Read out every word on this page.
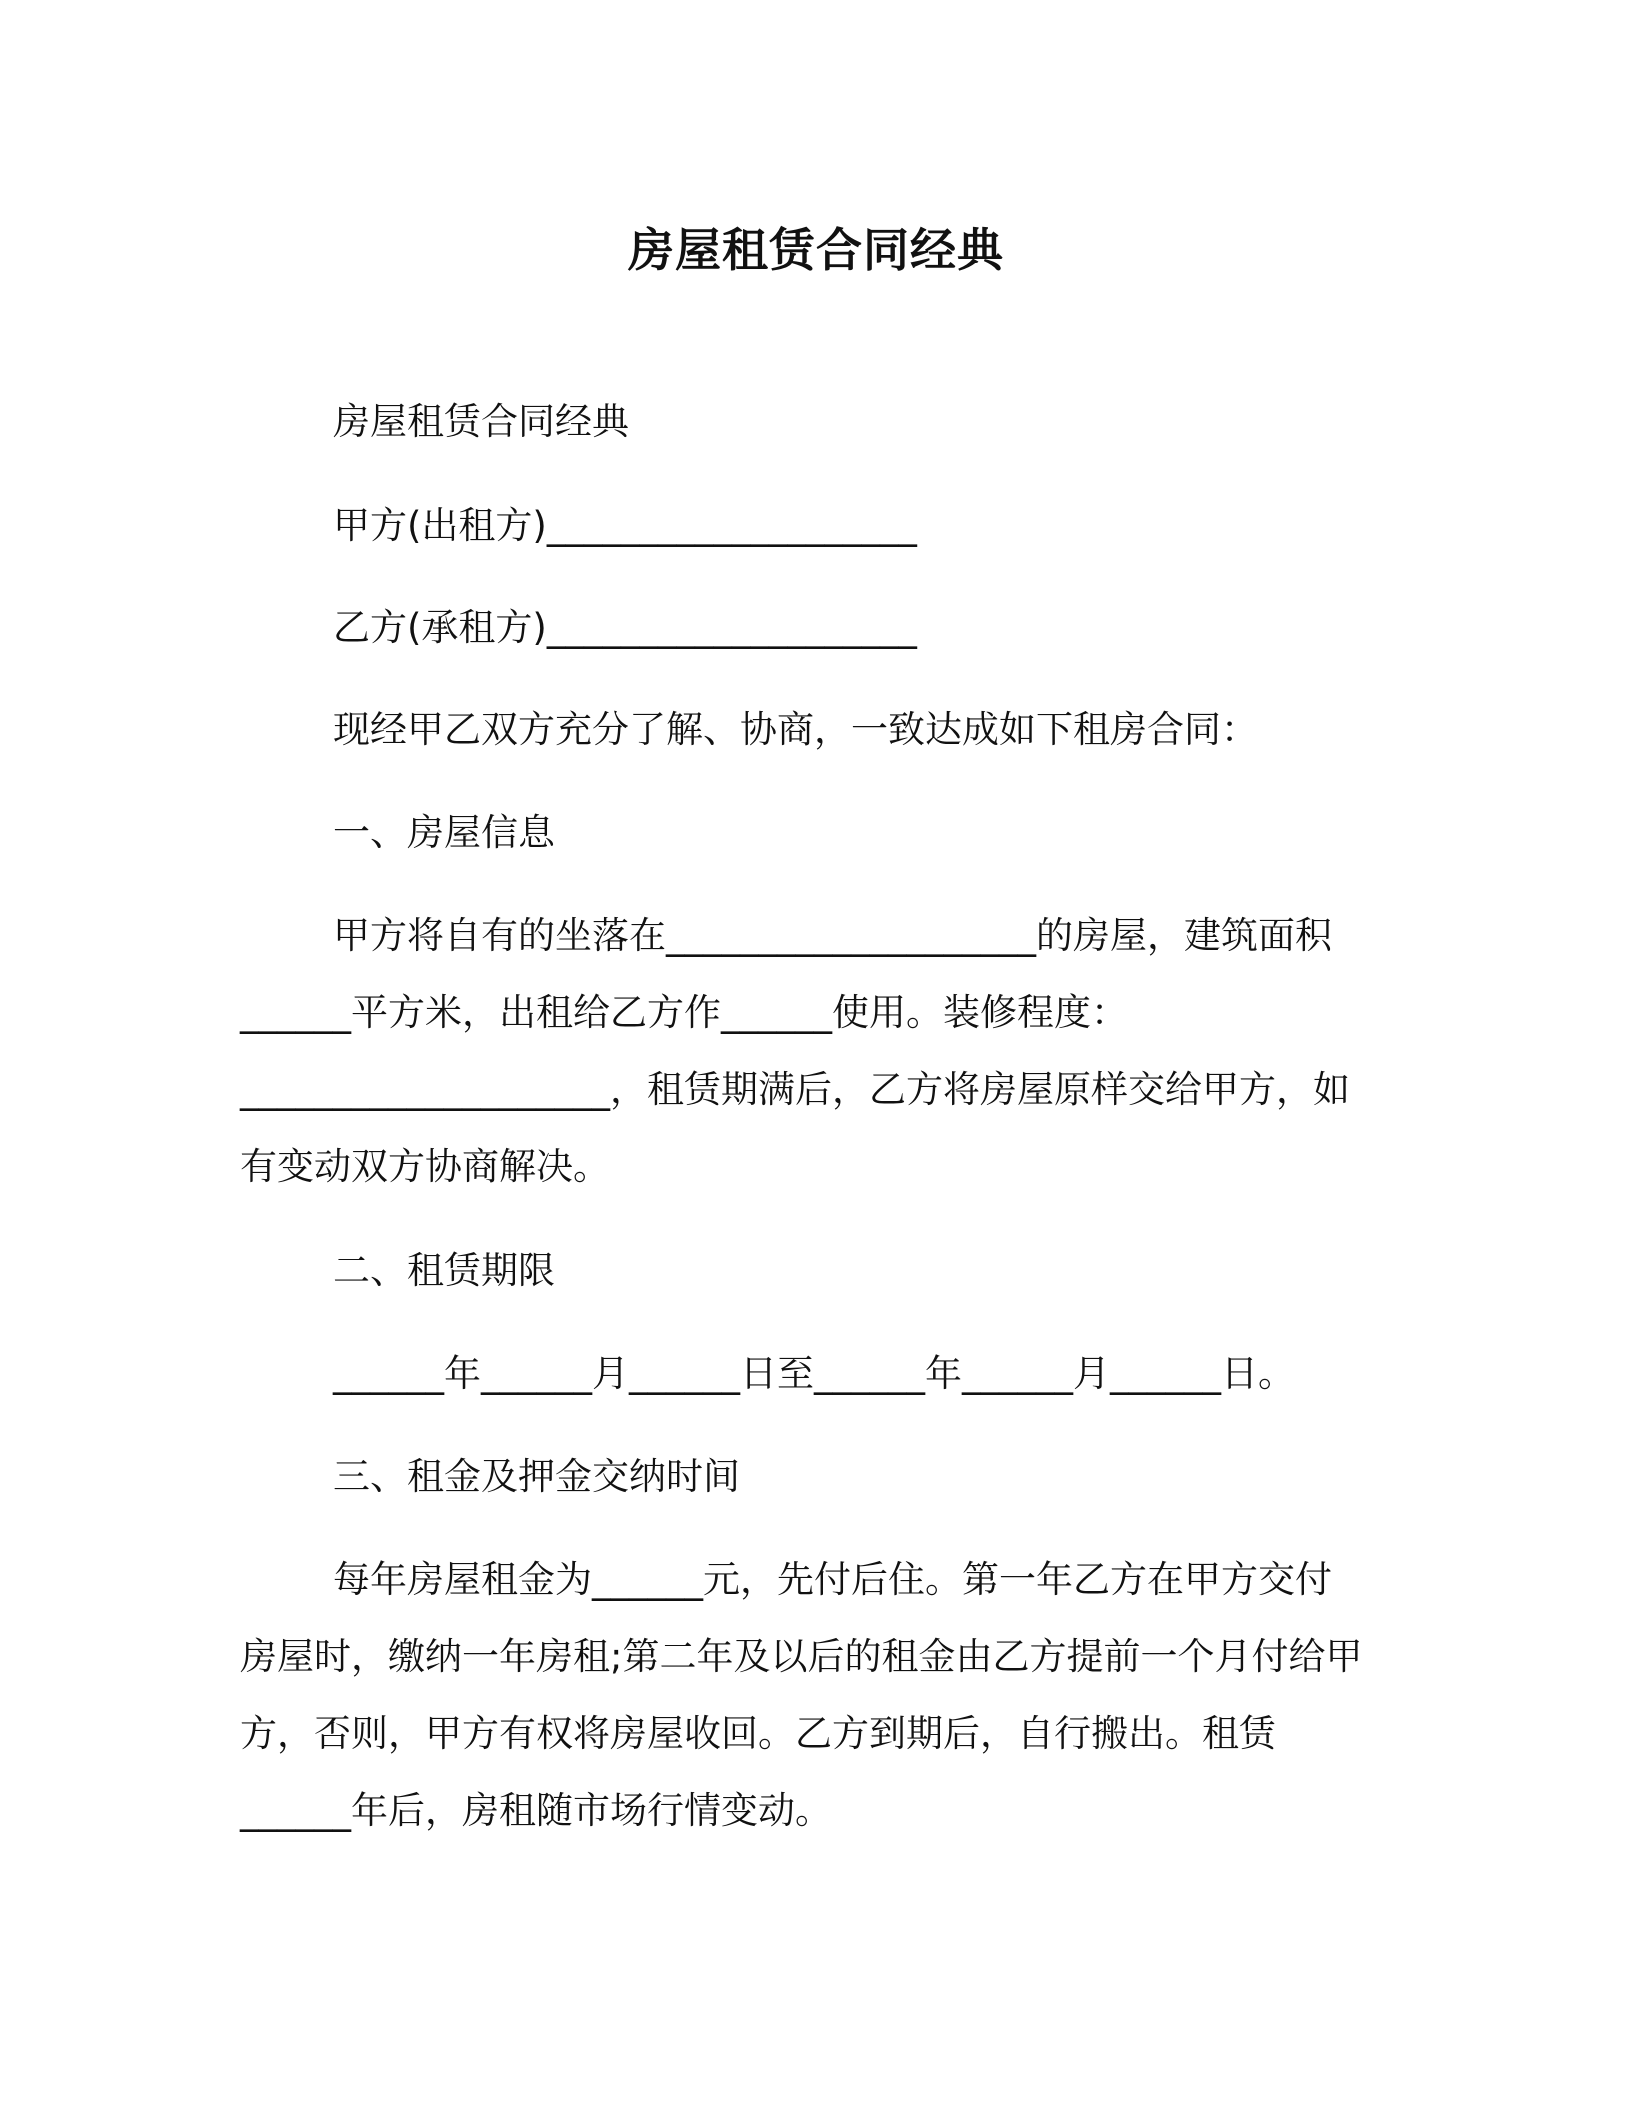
房屋租赁合同经典

房屋租赁合同经典

甲方(出租方)____________________

乙方(承租方)____________________

现经甲乙双方充分了解、协商，一致达成如下租房合同：

一、房屋信息

甲方将自有的坐落在____________________的房屋，建筑面积

______平方米，出租给乙方作______使用。装修程度：

____________________，租赁期满后，乙方将房屋原样交给甲方，如

有变动双方协商解决。

二、租赁期限

______年______月______日至______年______月______日。

三、租金及押金交纳时间

每年房屋租金为______元，先付后住。第一年乙方在甲方交付

房屋时，缴纳一年房租;第二年及以后的租金由乙方提前一个月付给甲

方，否则，甲方有权将房屋收回。乙方到期后，自行搬出。租赁

______年后，房租随市场行情变动。
